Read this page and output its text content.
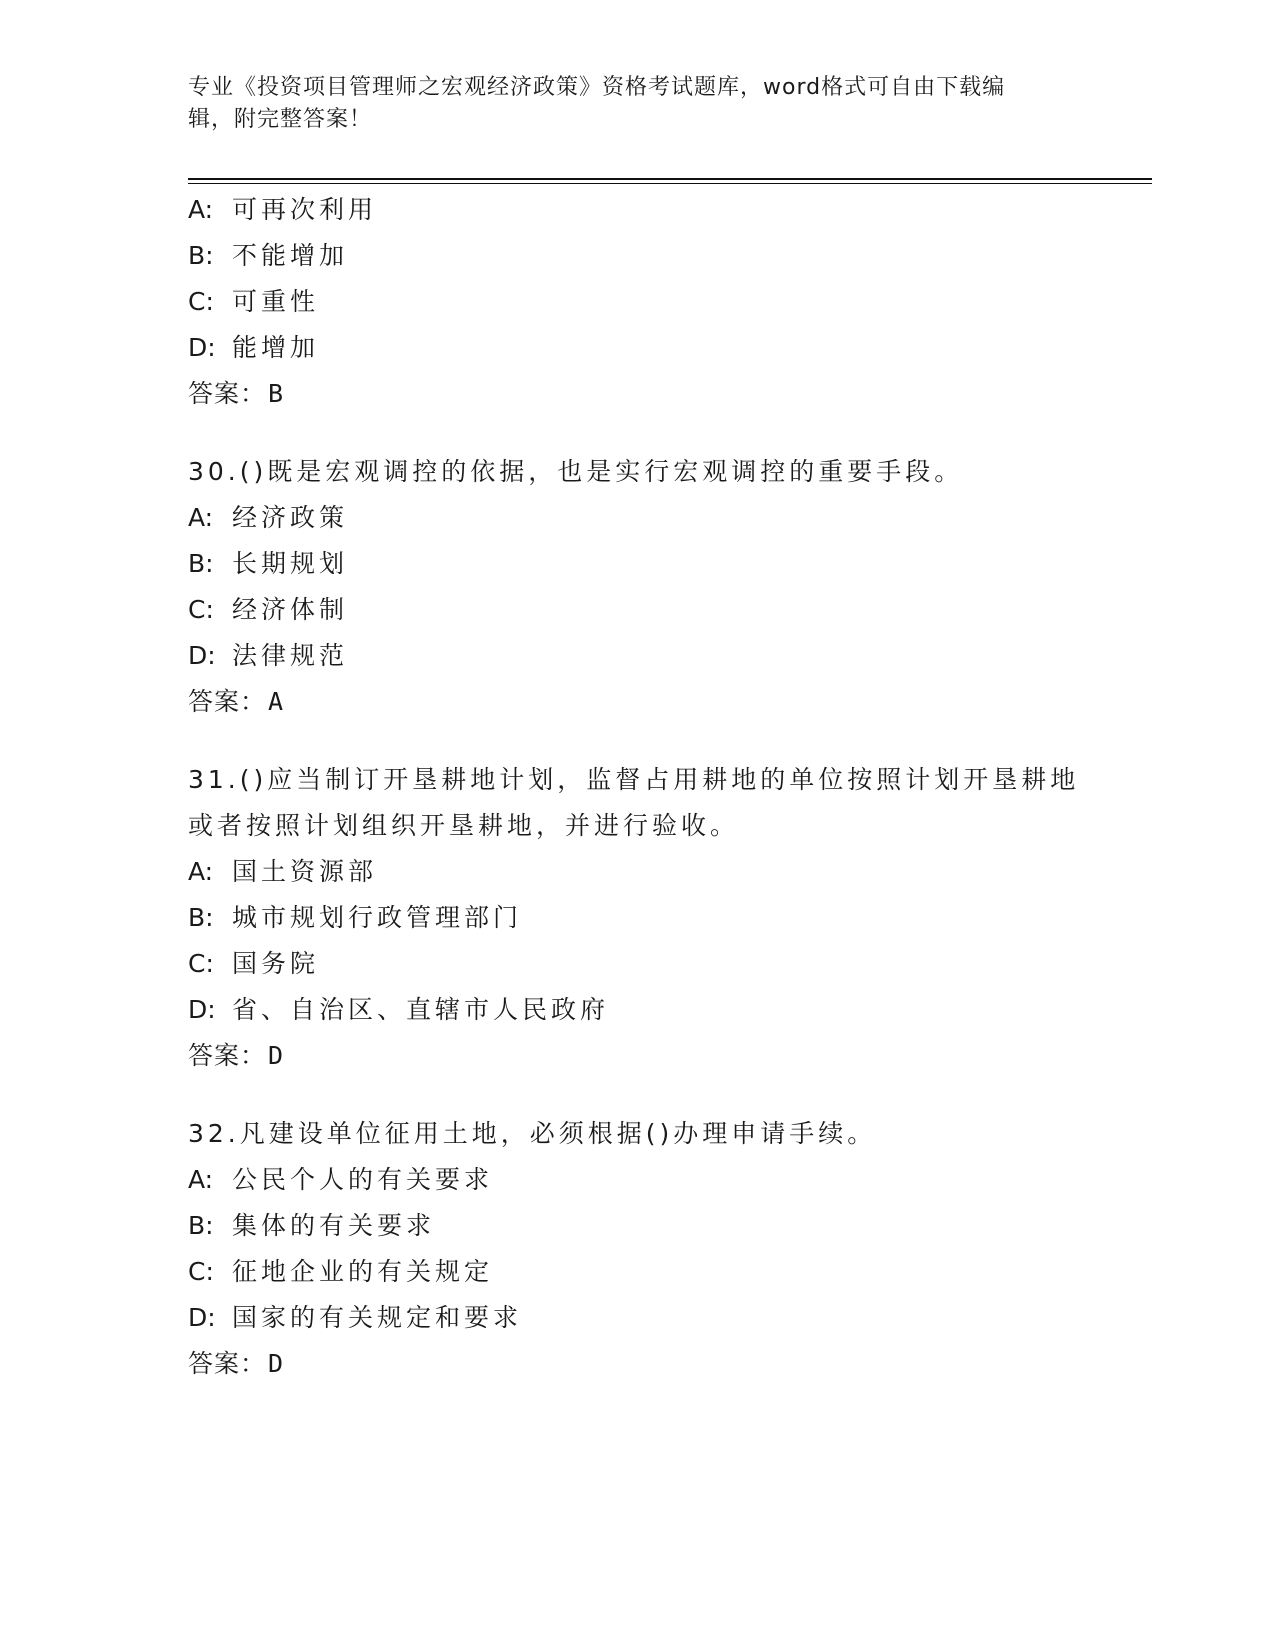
专业《投资项目管理师之宏观经济政策》资格考试题库，word格式可自由下载编
辑，附完整答案！

A: 可再次利用

B: 不能增加

C: 可重性

D: 能增加

答案：B

30.()既是宏观调控的依据，也是实行宏观调控的重要手段。

A: 经济政策

B: 长期规划

C: 经济体制

D: 法律规范

答案：A

31.()应当制订开垦耕地计划，监督占用耕地的单位按照计划开垦耕地或者按照计划组织开垦耕地，并进行验收。

A: 国土资源部

B: 城市规划行政管理部门

C: 国务院

D: 省、自治区、直辖市人民政府

答案：D

32.凡建设单位征用土地，必须根据()办理申请手续。

A: 公民个人的有关要求

B: 集体的有关要求

C: 征地企业的有关规定

D: 国家的有关规定和要求

答案：D
